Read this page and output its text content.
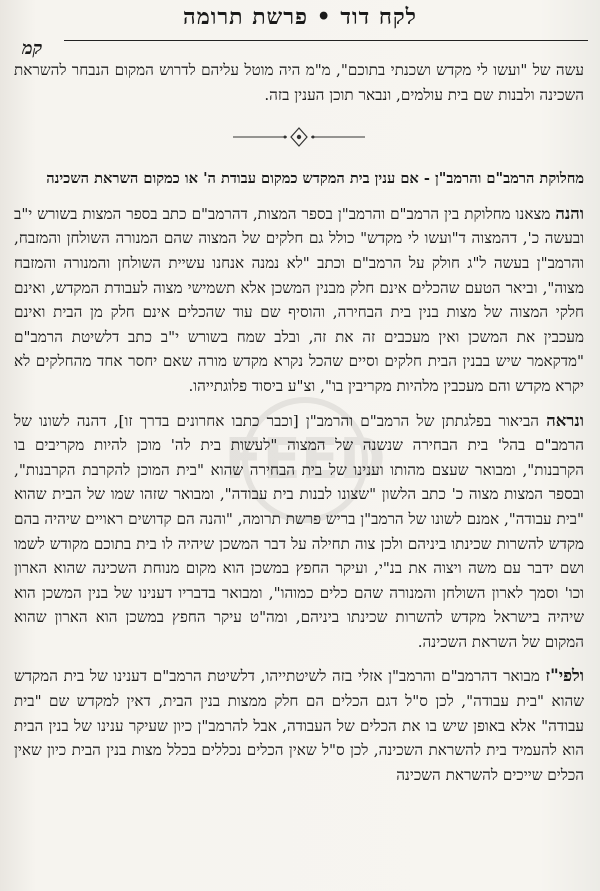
FEED
לקח דוד • פרשת תרומה
קמ

עשה של "ועשו לי מקדש ושכנתי בתוכם", מ"מ היה מוטל עליהם לדרוש המקום הנבחר להשראת השכינה ולבנות שם בית עולמים, ונבאר תוכן הענין בזה.

מחלוקת הרמב"ם והרמב"ן - אם ענין בית המקדש כמקום עבודת ה' או כמקום השראת השכינה

והנה מצאנו מחלוקת בין הרמב"ם והרמב"ן בספר המצות, דהרמב"ם כתב בספר המצות בשורש י"ב ובעשה כ', דהמצוה ד"ועשו לי מקדש" כולל גם חלקים של המצוה שהם המנורה השולחן והמזבח, והרמב"ן בעשה ל"ג חולק על הרמב"ם וכתב "לא נמנה אנחנו עשיית השולחן והמנורה והמזבח מצוה", וביאר הטעם שהכלים אינם חלק מבנין המשכן אלא תשמישי מצוה לעבודת המקדש, ואינם חלקי המצוה של מצות בנין בית הבחירה, והוסיף שם עוד שהכלים אינם חלק מן הבית ואינם מעכבין את המשכן ואין מעכבים זה את זה, ובלב שמח בשורש י"ב כתב דלשיטת הרמב"ם "מדקאמר שיש בבנין הבית חלקים וסיים שהכל נקרא מקדש מורה שאם יחסר אחד מהחלקים לא יקרא מקדש והם מעכבין מלהיות מקריבין בו", וצ"ע ביסוד פלוגתייהו.

ונראה הביאור בפלגתתן של הרמב"ם והרמב"ן [וכבר כתבו אחרונים בדרך זו], דהנה לשונו של הרמב"ם בהל' בית הבחירה שנשנה של המצוה "לעשות בית לה' מוכן להיות מקריבים בו הקרבנות", ומבואר שעצם מהותו וענינו של בית הבחירה שהוא "בית המוכן להקרבת הקרבנות", ובספר המצות מצוה כ' כתב הלשון "שצונו לבנות בית עבודה", ומבואר שזהו שמו של הבית שהוא "בית עבודה", אמנם לשונו של הרמב"ן בריש פרשת תרומה, "והנה הם קדושים ראויים שיהיה בהם מקדש להשרות שכינתו ביניהם ולכן צוה תחילה על דבר המשכן שיהיה לו בית בתוכם מקודש לשמו ושם ידבר עם משה ויצוה את בנ"י, ועיקר החפץ במשכן הוא מקום מנוחת השכינה שהוא הארון וכו' וסמך לארון השולחן והמנורה שהם כלים כמוהו", ומבואר בדבריו דענינו של בנין המשכן הוא שיהיה בישראל מקדש להשרות שכינתו ביניהם, ומה"ט עיקר החפץ במשכן הוא הארון שהוא המקום של השראת השכינה.

ולפי"ז מבואר דהרמב"ם והרמב"ן אזלי בזה לשיטתייהו, דלשיטת הרמב"ם דענינו של בית המקדש שהוא "בית עבודה", לכן ס"ל דגם הכלים הם חלק ממצות בנין הבית, דאין למקדש שם "בית עבודה" אלא באופן שיש בו את הכלים של העבודה, אבל להרמב"ן כיון שעיקר ענינו של בנין הבית הוא להעמיד בית להשראת השכינה, לכן ס"ל שאין הכלים נכללים בכלל מצות בנין הבית כיון שאין הכלים שייכים להשראת השכינה
